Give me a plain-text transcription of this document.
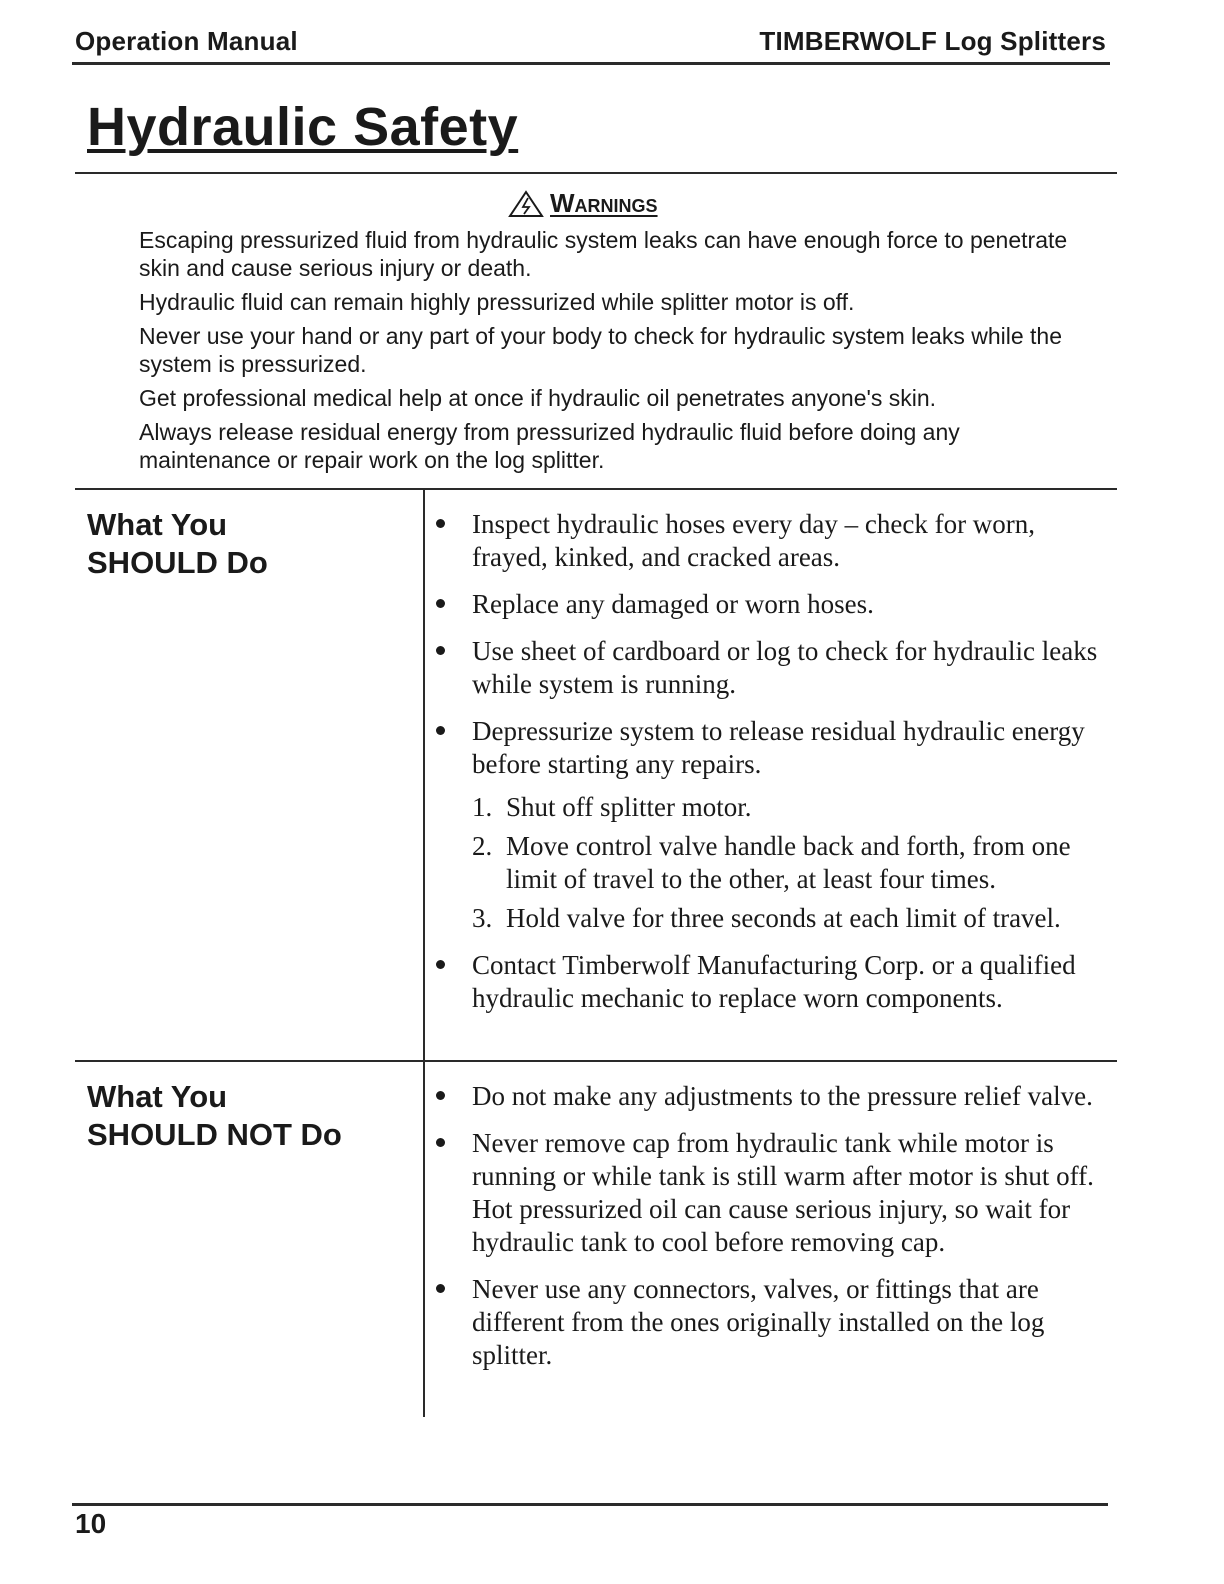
Operation Manual	TIMBERWOLF Log Splitters
Hydraulic Safety
Warnings

Escaping pressurized fluid from hydraulic system leaks can have enough force to penetrate skin and cause serious injury or death.

Hydraulic fluid can remain highly pressurized while splitter motor is off.

Never use your hand or any part of your body to check for hydraulic system leaks while the system is pressurized.

Get professional medical help at once if hydraulic oil penetrates anyone's skin.

Always release residual energy from pressurized hydraulic fluid before doing any maintenance or repair work on the log splitter.

What You
SHOULD Do
Inspect hydraulic hoses every day – check for worn, frayed, kinked, and cracked areas.
Replace any damaged or worn hoses.
Use sheet of cardboard or log to check for hydraulic leaks while system is running.
Depressurize system to release residual hydraulic energy before starting any repairs.
1. Shut off splitter motor.
2. Move control valve handle back and forth, from one limit of travel to the other, at least four times.
3. Hold valve for three seconds at each limit of travel.
Contact Timberwolf Manufacturing Corp. or a qualified hydraulic mechanic to replace worn components.
What You
SHOULD NOT Do
Do not make any adjustments to the pressure relief valve.
Never remove cap from hydraulic tank while motor is running or while tank is still warm after motor is shut off. Hot pressurized oil can cause serious injury, so wait for hydraulic tank to cool before removing cap.
Never use any connectors, valves, or fittings that are different from the ones originally installed on the log splitter.
10
